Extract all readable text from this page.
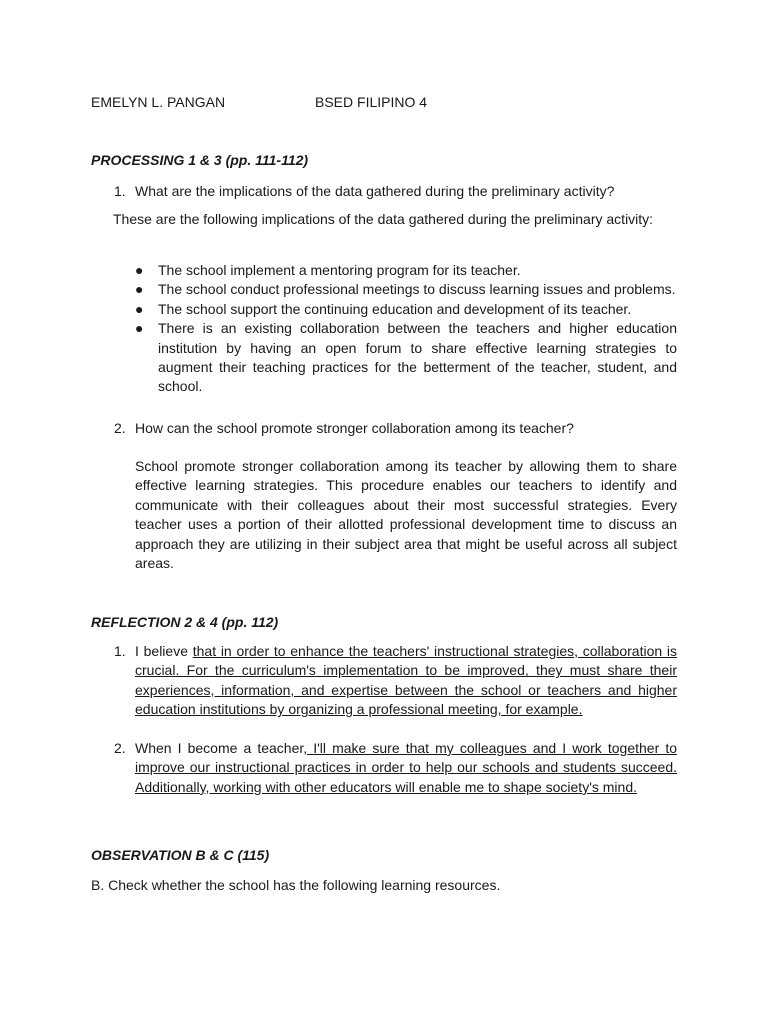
EMELYN L. PANGAN	BSED FILIPINO 4
PROCESSING 1 & 3 (pp. 111-112)
1. What are the implications of the data gathered during the preliminary activity?
These are the following implications of the data gathered during the preliminary activity:
● The school implement a mentoring program for its teacher.
● The school conduct professional meetings to discuss learning issues and problems.
● The school support the continuing education and development of its teacher.
● There is an existing collaboration between the teachers and higher education institution by having an open forum to share effective learning strategies to augment their teaching practices for the betterment of the teacher, student, and school.
2. How can the school promote stronger collaboration among its teacher?
School promote stronger collaboration among its teacher by allowing them to share effective learning strategies. This procedure enables our teachers to identify and communicate with their colleagues about their most successful strategies. Every teacher uses a portion of their allotted professional development time to discuss an approach they are utilizing in their subject area that might be useful across all subject areas.
REFLECTION 2 & 4 (pp. 112)
1. I believe that in order to enhance the teachers' instructional strategies, collaboration is crucial. For the curriculum's implementation to be improved, they must share their experiences, information, and expertise between the school or teachers and higher education institutions by organizing a professional meeting, for example.
2. When I become a teacher, I'll make sure that my colleagues and I work together to improve our instructional practices in order to help our schools and students succeed. Additionally, working with other educators will enable me to shape society's mind.
OBSERVATION B & C (115)
B. Check whether the school has the following learning resources.
